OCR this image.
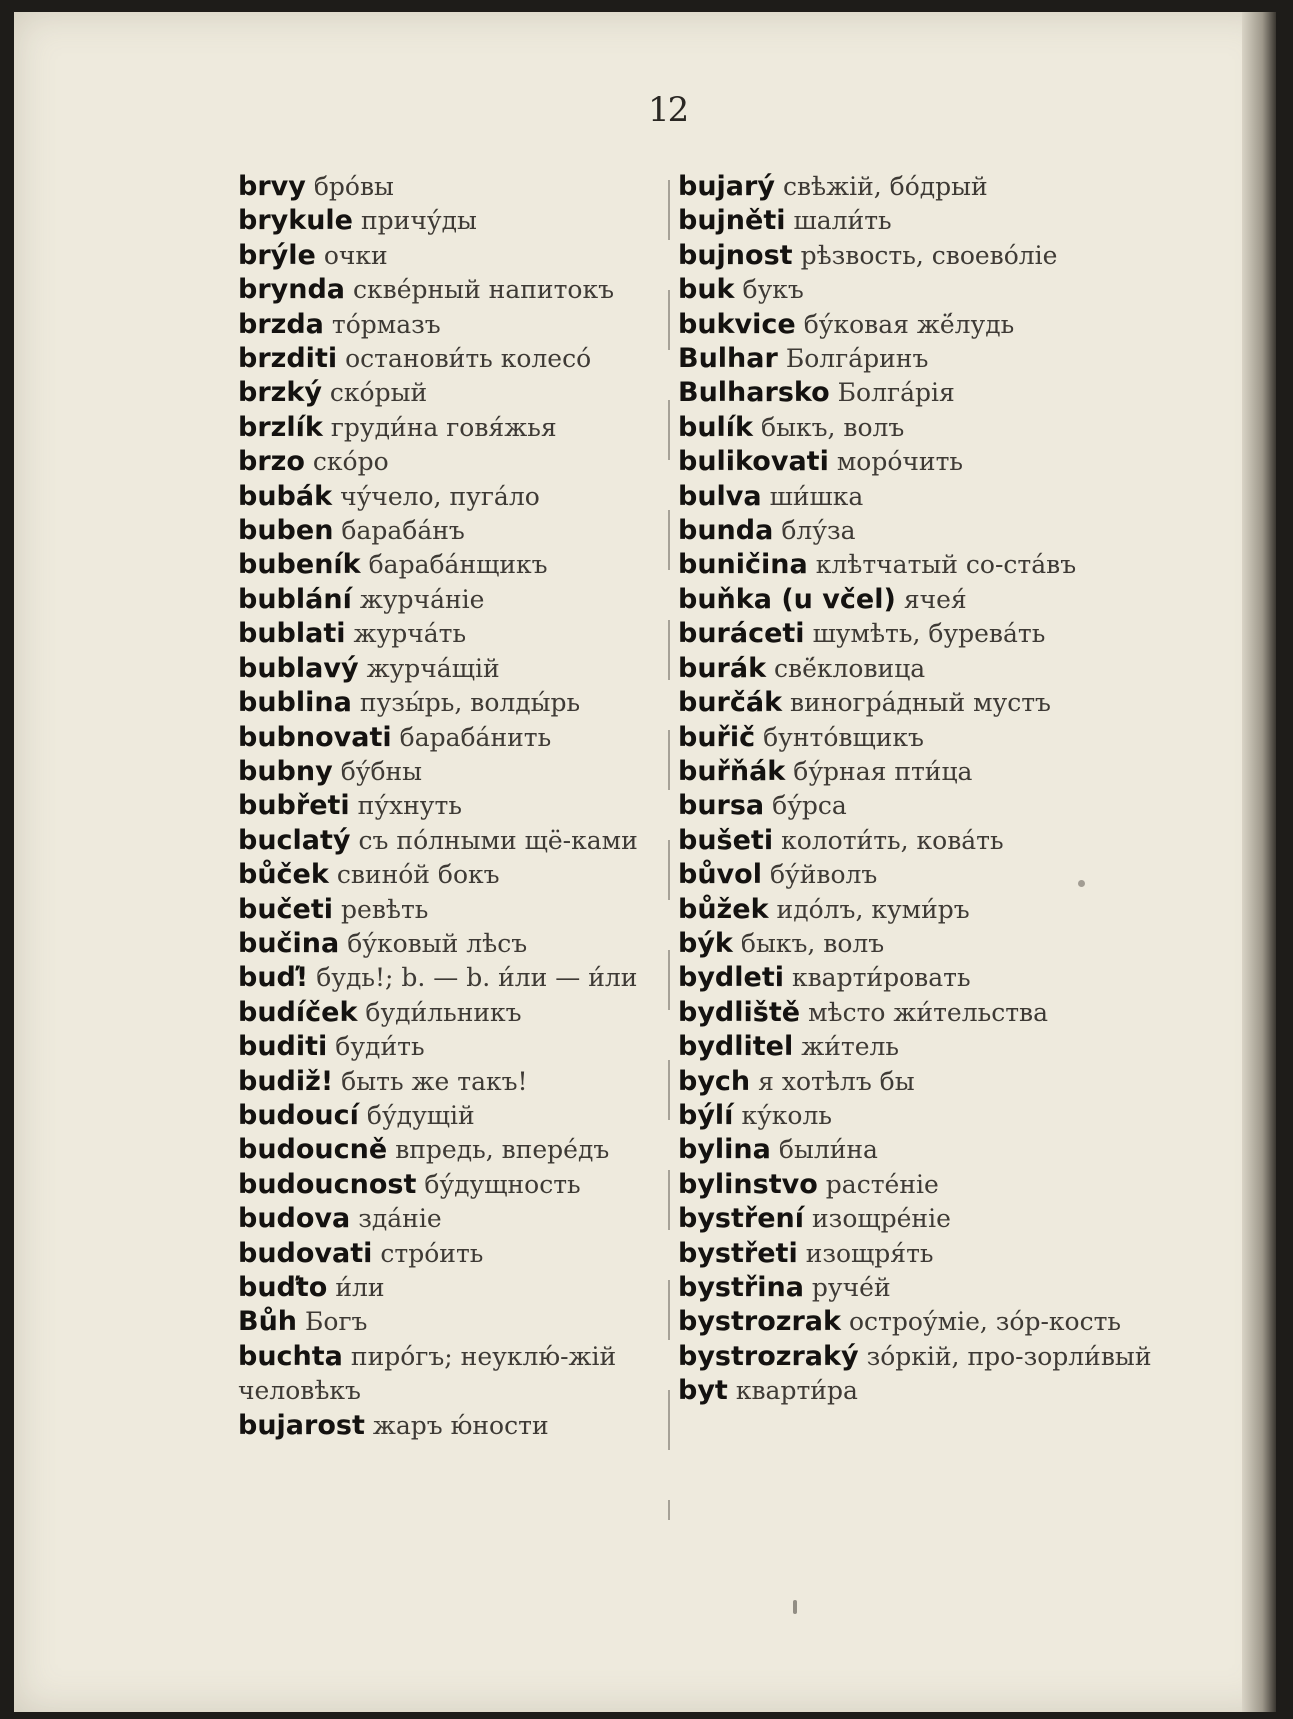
12
brvy бро́вы
brykule причу́ды
brýle очки
brynda скве́рный напитокъ
brzda то́рмазъ
brzditi останови́ть колесо́
brzký ско́рый
brzlík груди́на говя́жья
brzo ско́ро
bubák чу́чело, пуга́ло
buben бараба́нъ
bubeník бараба́нщикъ
bublání журча́ніе
bublati журча́ть
bublavý журча́щій
bublina пузы́рь, волды́рь
bubnovati бараба́нить
bubny бу́бны
bubřeti пу́хнуть
buclatý съ по́лными щё-ками
bůček свино́й бокъ
bučeti ревѣть
bučina бу́ковый лѣсъ
buď! будь!; b. — b. и́ли — и́ли
budíček буди́льникъ
buditi буди́ть
budiž! быть же такъ!
budoucí бу́дущій
budoucně впредь, впере́дъ
budoucnost бу́дущность
budova зда́ніе
budovati стро́ить
buďto и́ли
Bůh Богъ
buchta пиро́гъ; неуклю́-жій человѣкъ
bujarost жаръ ю́ности
bujarý свѣжій, бо́дрый
bujněti шали́ть
bujnost рѣзвость, своево́ліе
buk букъ
bukvice бу́ковая жё́лудь
Bulhar Болга́ринъ
Bulharsko Болга́рія
bulík быкъ, волъ
bulikovati моро́чить
bulva ши́шка
bunda блу́за
buničina клѣтчатый со-ста́въ
buňka (u včel) ячея́
buráceti шумѣть, бурева́ть
burák свё́кловица
burčák виногра́дный мустъ
buřič бунто́вщикъ
buřňák бу́рная пти́ца
bursa бу́рса
bušeti колоти́ть, кова́ть
bůvol бу́йволъ
bůžek идо́лъ, куми́ръ
býk быкъ, волъ
bydleti кварти́ровать
bydliště мѣсто жи́тельства
bydlitel жи́тель
bych я хотѣлъ бы
býlí ку́коль
bylina были́на
bylinstvo расте́ніе
bystření изощре́ніе
bystřeti изощря́ть
bystřina руче́й
bystrozrak остроу́міе, зо́р-кость
bystrozraký зо́ркій, про-зорли́вый
byt кварти́ра
